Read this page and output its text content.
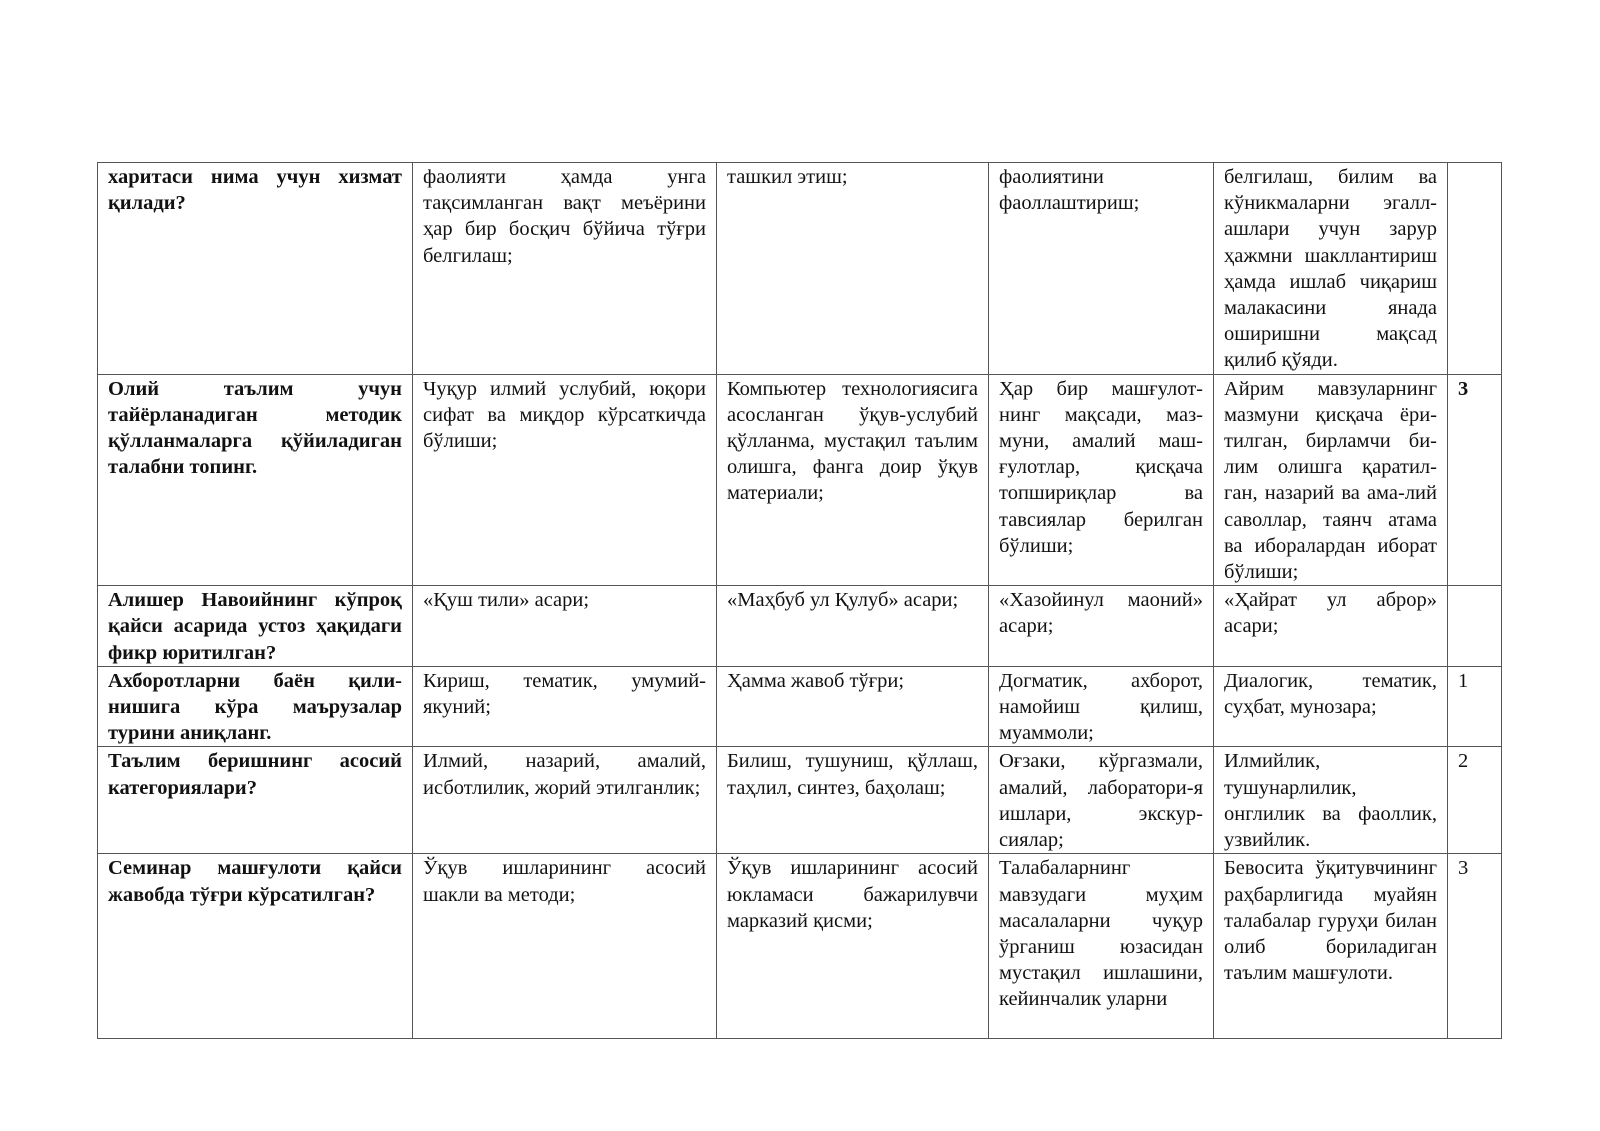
харитаси нима учун хизмат қилади?	фаолияти ҳамда унга тақсимланган вақт меъёрини ҳар бир босқич бўйича тўғри белгилаш;	ташкил этиш;	фаолиятини фаоллаштириш;	белгилаш, билим ва кўникмаларни эгалл-ашлари учун зарур ҳажмни шакллантириш ҳамда ишлаб чиқариш малакасини янада оширишни мақсад қилиб қўяди.	

Олий таълим учун тайёрланадиган методик қўлланмаларга қўйиладиган талабни топинг.	Чуқур илмий услубий, юқори сифат ва миқдор кўрсаткичда бўлиши;	Компьютер технологиясига асосланган ўқув-услубий қўлланма, мустақил таълим олишга, фанга доир ўқув материали;	Ҳар бир машғулот-нинг мақсади, маз-муни, амалий маш-ғулотлар, қисқача топшириқлар ва тавсиялар берилган бўлиши;	Айрим мавзуларнинг мазмуни қисқача ёри-тилган, бирламчи би-лим олишга қаратил-ган, назарий ва ама-лий саволлар, таянч атама ва иборалардан иборат бўлиши;	3

Алишер Навоийнинг кўпроқ қайси асарида устоз ҳақидаги фикр юритилган?	«Қуш тили» асари;	«Маҳбуб ул Қулуб» асари;	«Хазойинул маоний» асари;	«Ҳайрат ул аброр» асари;	

Ахборотларни баён қили-нишига кўра маърузалар турини аниқланг.	Кириш, тематик, умумий-якуний;	Ҳамма жавоб тўғри;	Догматик, ахборот, намойиш қилиш, муаммоли;	Диалогик, тематик, суҳбат, мунозара;	1

Таълим беришнинг асосий категориялари?	Илмий, назарий, амалий, исботлилик, жорий этилганлик;	Билиш, тушуниш, қўллаш, таҳлил, синтез, баҳолаш;	Оғзаки, кўргазмали, амалий, лаборатори-я ишлари, экскур-сиялар;	Илмийлик, тушунарлилик, онглилик ва фаоллик, узвийлик.	2

Семинар машғулоти қайси жавобда тўғри кўрсатилган?	Ўқув ишларининг асосий шакли ва методи;	Ўқув ишларининг асосий юкламаси бажарилувчи марказий қисми;	Талабаларнинг мавзудаги муҳим масалаларни чуқур ўрганиш юзасидан мустақил ишлашини, кейинчалик уларни	Бевосита ўқитувчининг раҳбарлигида муайян талабалар гуруҳи билан олиб бориладиган таълим машғулоти.	3
